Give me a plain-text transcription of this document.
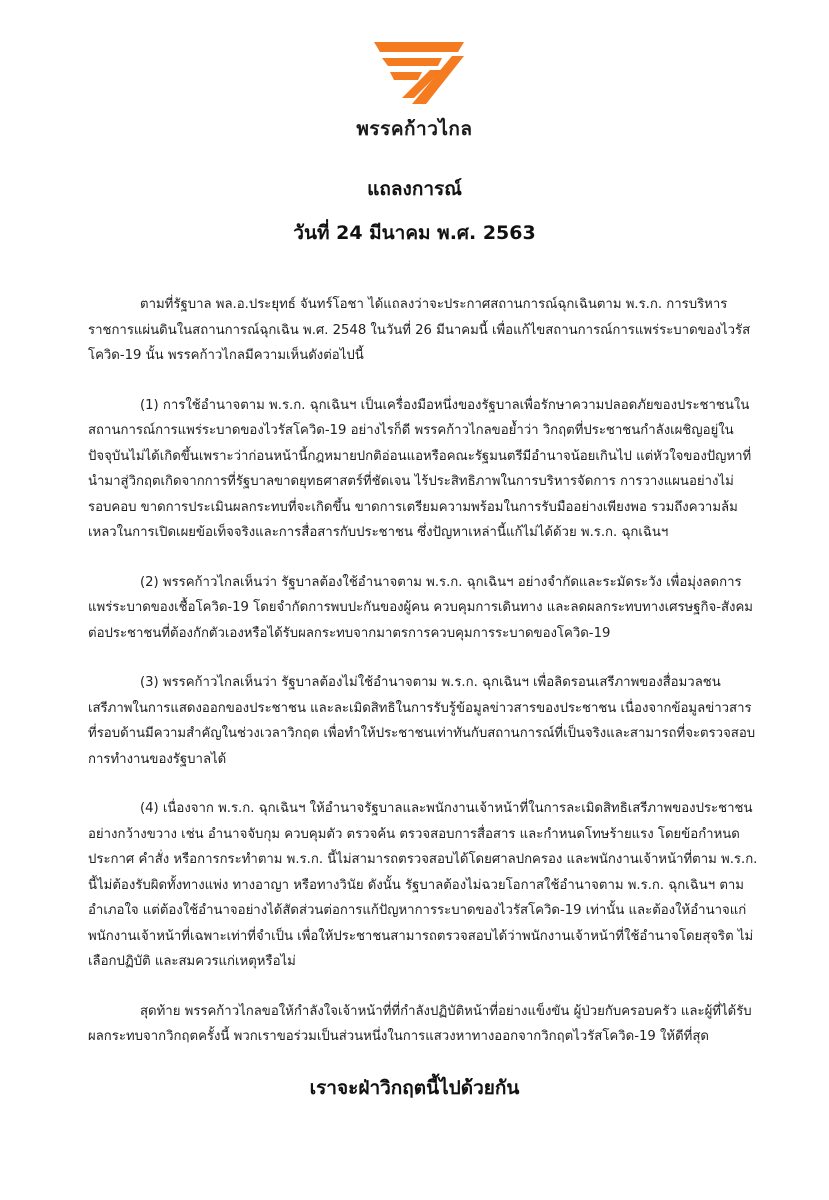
พรรคก้าวไกล
แถลงการณ์
วันที่ 24 มีนาคม พ.ศ. 2563

ตามที่รัฐบาล พล.อ.ประยุทธ์ จันทร์โอชา ได้แถลงว่าจะประกาศสถานการณ์ฉุกเฉินตาม พ.ร.ก. การบริหารราชการแผ่นดินในสถานการณ์ฉุกเฉิน พ.ศ. 2548 ในวันที่ 26 มีนาคมนี้ เพื่อแก้ไขสถานการณ์การแพร่ระบาดของไวรัสโควิด-19 นั้น พรรคก้าวไกลมีความเห็นดังต่อไปนี้

(1) การใช้อำนาจตาม พ.ร.ก. ฉุกเฉินฯ เป็นเครื่องมือหนึ่งของรัฐบาลเพื่อรักษาความปลอดภัยของประชาชนในสถานการณ์การแพร่ระบาดของไวรัสโควิด-19 อย่างไรก็ดี พรรคก้าวไกลขอย้ำว่า วิกฤตที่ประชาชนกำลังเผชิญอยู่ในปัจจุบันไม่ได้เกิดขึ้นเพราะว่าก่อนหน้านี้กฎหมายปกติอ่อนแอหรือคณะรัฐมนตรีมีอำนาจน้อยเกินไป แต่หัวใจของปัญหาที่นำมาสู่วิกฤตเกิดจากการที่รัฐบาลขาดยุทธศาสตร์ที่ชัดเจน ไร้ประสิทธิภาพในการบริหารจัดการ การวางแผนอย่างไม่รอบคอบ ขาดการประเมินผลกระทบที่จะเกิดขึ้น ขาดการเตรียมความพร้อมในการรับมืออย่างเพียงพอ รวมถึงความล้มเหลวในการเปิดเผยข้อเท็จจริงและการสื่อสารกับประชาชน ซึ่งปัญหาเหล่านี้แก้ไม่ได้ด้วย พ.ร.ก. ฉุกเฉินฯ

(2) พรรคก้าวไกลเห็นว่า รัฐบาลต้องใช้อำนาจตาม พ.ร.ก. ฉุกเฉินฯ อย่างจำกัดและระมัดระวัง เพื่อมุ่งลดการแพร่ระบาดของเชื้อโควิด-19 โดยจำกัดการพบปะกันของผู้คน ควบคุมการเดินทาง และลดผลกระทบทางเศรษฐกิจ-สังคมต่อประชาชนที่ต้องกักตัวเองหรือได้รับผลกระทบจากมาตรการควบคุมการระบาดของโควิด-19

(3) พรรคก้าวไกลเห็นว่า รัฐบาลต้องไม่ใช้อำนาจตาม พ.ร.ก. ฉุกเฉินฯ เพื่อลิดรอนเสรีภาพของสื่อมวลชน เสรีภาพในการแสดงออกของประชาชน และละเมิดสิทธิในการรับรู้ข้อมูลข่าวสารของประชาชน เนื่องจากข้อมูลข่าวสารที่รอบด้านมีความสำคัญในช่วงเวลาวิกฤต เพื่อทำให้ประชาชนเท่าทันกับสถานการณ์ที่เป็นจริงและสามารถที่จะตรวจสอบการทำงานของรัฐบาลได้

(4) เนื่องจาก พ.ร.ก. ฉุกเฉินฯ ให้อำนาจรัฐบาลและพนักงานเจ้าหน้าที่ในการละเมิดสิทธิเสรีภาพของประชาชนอย่างกว้างขวาง เช่น อำนาจจับกุม ควบคุมตัว ตรวจค้น ตรวจสอบการสื่อสาร และกำหนดโทษร้ายแรง โดยข้อกำหนด ประกาศ คำสั่ง หรือการกระทำตาม พ.ร.ก. นี้ไม่สามารถตรวจสอบได้โดยศาลปกครอง และพนักงานเจ้าหน้าที่ตาม พ.ร.ก. นี้ไม่ต้องรับผิดทั้งทางแพ่ง ทางอาญา หรือทางวินัย ดังนั้น รัฐบาลต้องไม่ฉวยโอกาสใช้อำนาจตาม พ.ร.ก. ฉุกเฉินฯ ตามอำเภอใจ แต่ต้องใช้อำนาจอย่างได้สัดส่วนต่อการแก้ปัญหาการระบาดของไวรัสโควิด-19 เท่านั้น และต้องให้อำนาจแก่พนักงานเจ้าหน้าที่เฉพาะเท่าที่จำเป็น เพื่อให้ประชาชนสามารถตรวจสอบได้ว่าพนักงานเจ้าหน้าที่ใช้อำนาจโดยสุจริต ไม่เลือกปฏิบัติ และสมควรแก่เหตุหรือไม่

สุดท้าย พรรคก้าวไกลขอให้กำลังใจเจ้าหน้าที่ที่กำลังปฏิบัติหน้าที่อย่างแข็งขัน ผู้ป่วยกับครอบครัว และผู้ที่ได้รับผลกระทบจากวิกฤตครั้งนี้ พวกเราขอร่วมเป็นส่วนหนึ่งในการแสวงหาทางออกจากวิกฤตไวรัสโควิด-19 ให้ดีที่สุด

เราจะฝ่าวิกฤตนี้ไปด้วยกัน
